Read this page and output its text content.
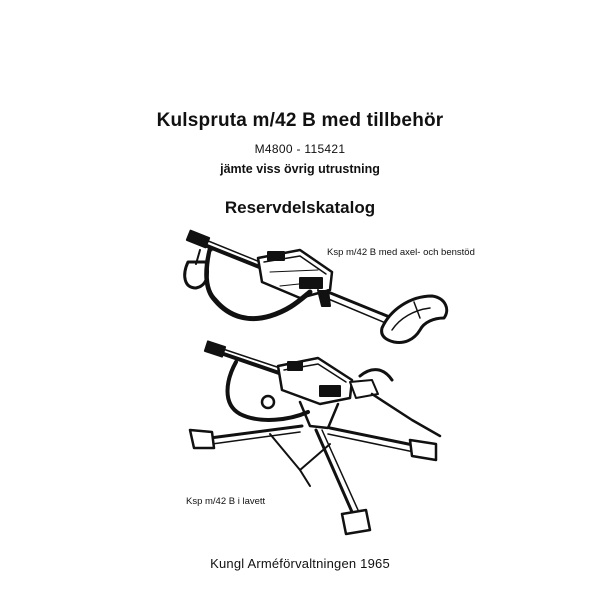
Kulspruta m/42 B med tillbehör
M4800 - 115421
jämte viss övrig utrustning
Reservdelskatalog
Ksp m/42 B med axel- och benstöd
Ksp m/42 B i lavett
Kungl Arméförvaltningen 1965
